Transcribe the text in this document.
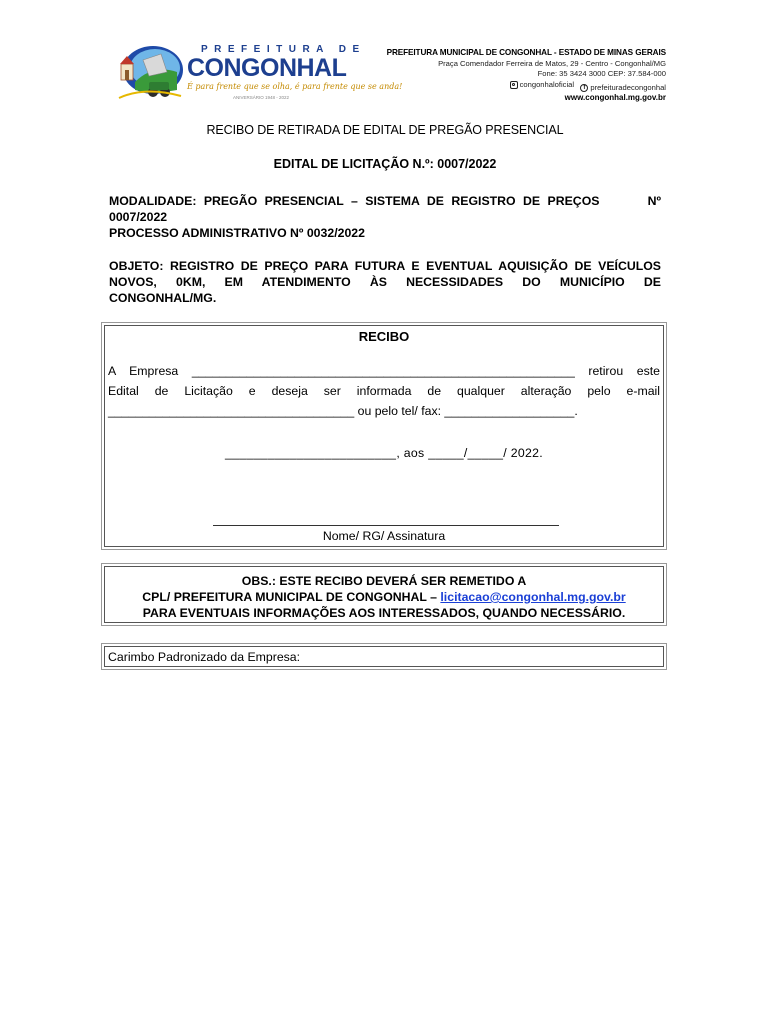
PREFEITURA DE
CONGONHAL
É para frente que se olha, é para frente que se anda!
ANIVERSÁRIO 1948 - 2022
PREFEITURA MUNICIPAL DE CONGONHAL - ESTADO DE MINAS GERAIS
Praça Comendador Ferreira de Matos, 29 - Centro - Congonhal/MG
Fone: 35 3424 3000 CEP: 37.584-000
congonhaloficial
	f prefeituradecongonhal
www.congonhal.mg.gov.br
RECIBO DE RETIRADA DE EDITAL DE PREGÃO PRESENCIAL
EDITAL DE LICITAÇÃO N.º: 0007/2022
MODALIDADE: PREGÃO PRESENCIAL – SISTEMA DE REGISTRO DE PREÇOS	Nº
0007/2022
PROCESSO ADMINISTRATIVO Nº 0032/2022
OBJETO: REGISTRO DE PREÇO PARA FUTURA E EVENTUAL AQUISIÇÃO DE VEÍCULOS
NOVOS, 0KM, EM ATENDIMENTO ÀS NECESSIDADES DO MUNICÍPIO DE
CONGONHAL/MG.
RECIBO
A Empresa ________________________________________________________ retirou este
Edital de Licitação e deseja ser informada de qualquer alteração pelo e-mail
____________________________________ ou pelo tel/ fax: ___________________.
________________________, aos _____/_____/ 2022.
Nome/ RG/ Assinatura
OBS.: ESTE RECIBO DEVERÁ SER REMETIDO A
CPL/ PREFEITURA MUNICIPAL DE CONGONHAL – licitacao@congonhal.mg.gov.br
PARA EVENTUAIS INFORMAÇÕES AOS INTERESSADOS, QUANDO NECESSÁRIO.
Carimbo Padronizado da Empresa:
